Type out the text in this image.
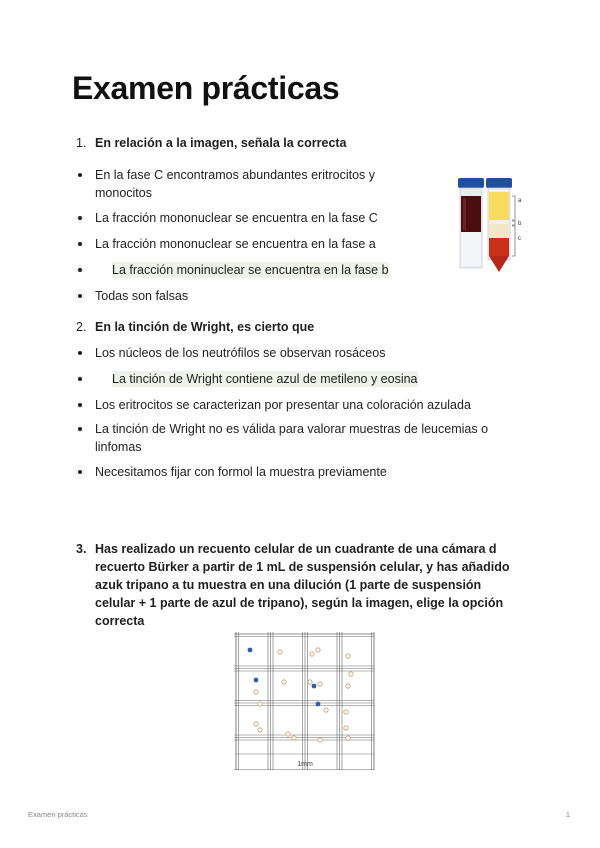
Examen prácticas
1. En relación a la imagen, señala la correcta
En la fase C encontramos abundantes eritrocitos y monocitos
La fracción mononuclear se encuentra en la fase C
La fracción mononuclear se encuentra en la fase a
La fracción moninuclear se encuentra en la fase b
Todas son falsas
a
b
c
2. En la tinción de Wright, es cierto que
Los núcleos de los neutrófilos se observan rosáceos
La tinción de Wright contiene azul de metileno y eosina
Los eritrocitos se caracterizan por presentar una coloración azulada
La tinción de Wright no es válida para valorar muestras de leucemias o linfomas
Necesitamos fijar con formol la muestra previamente
3. Has realizado un recuento celular de un cuadrante de una cámara d recuerto Bürker a partir de 1 mL de suspensión celular, y has añadido azuk tripano a tu muestra en una dilución (1 parte de suspensión celular + 1 parte de azul de tripano), según la imagen, elige la opción correcta
1mm
Examen prácticas	1
